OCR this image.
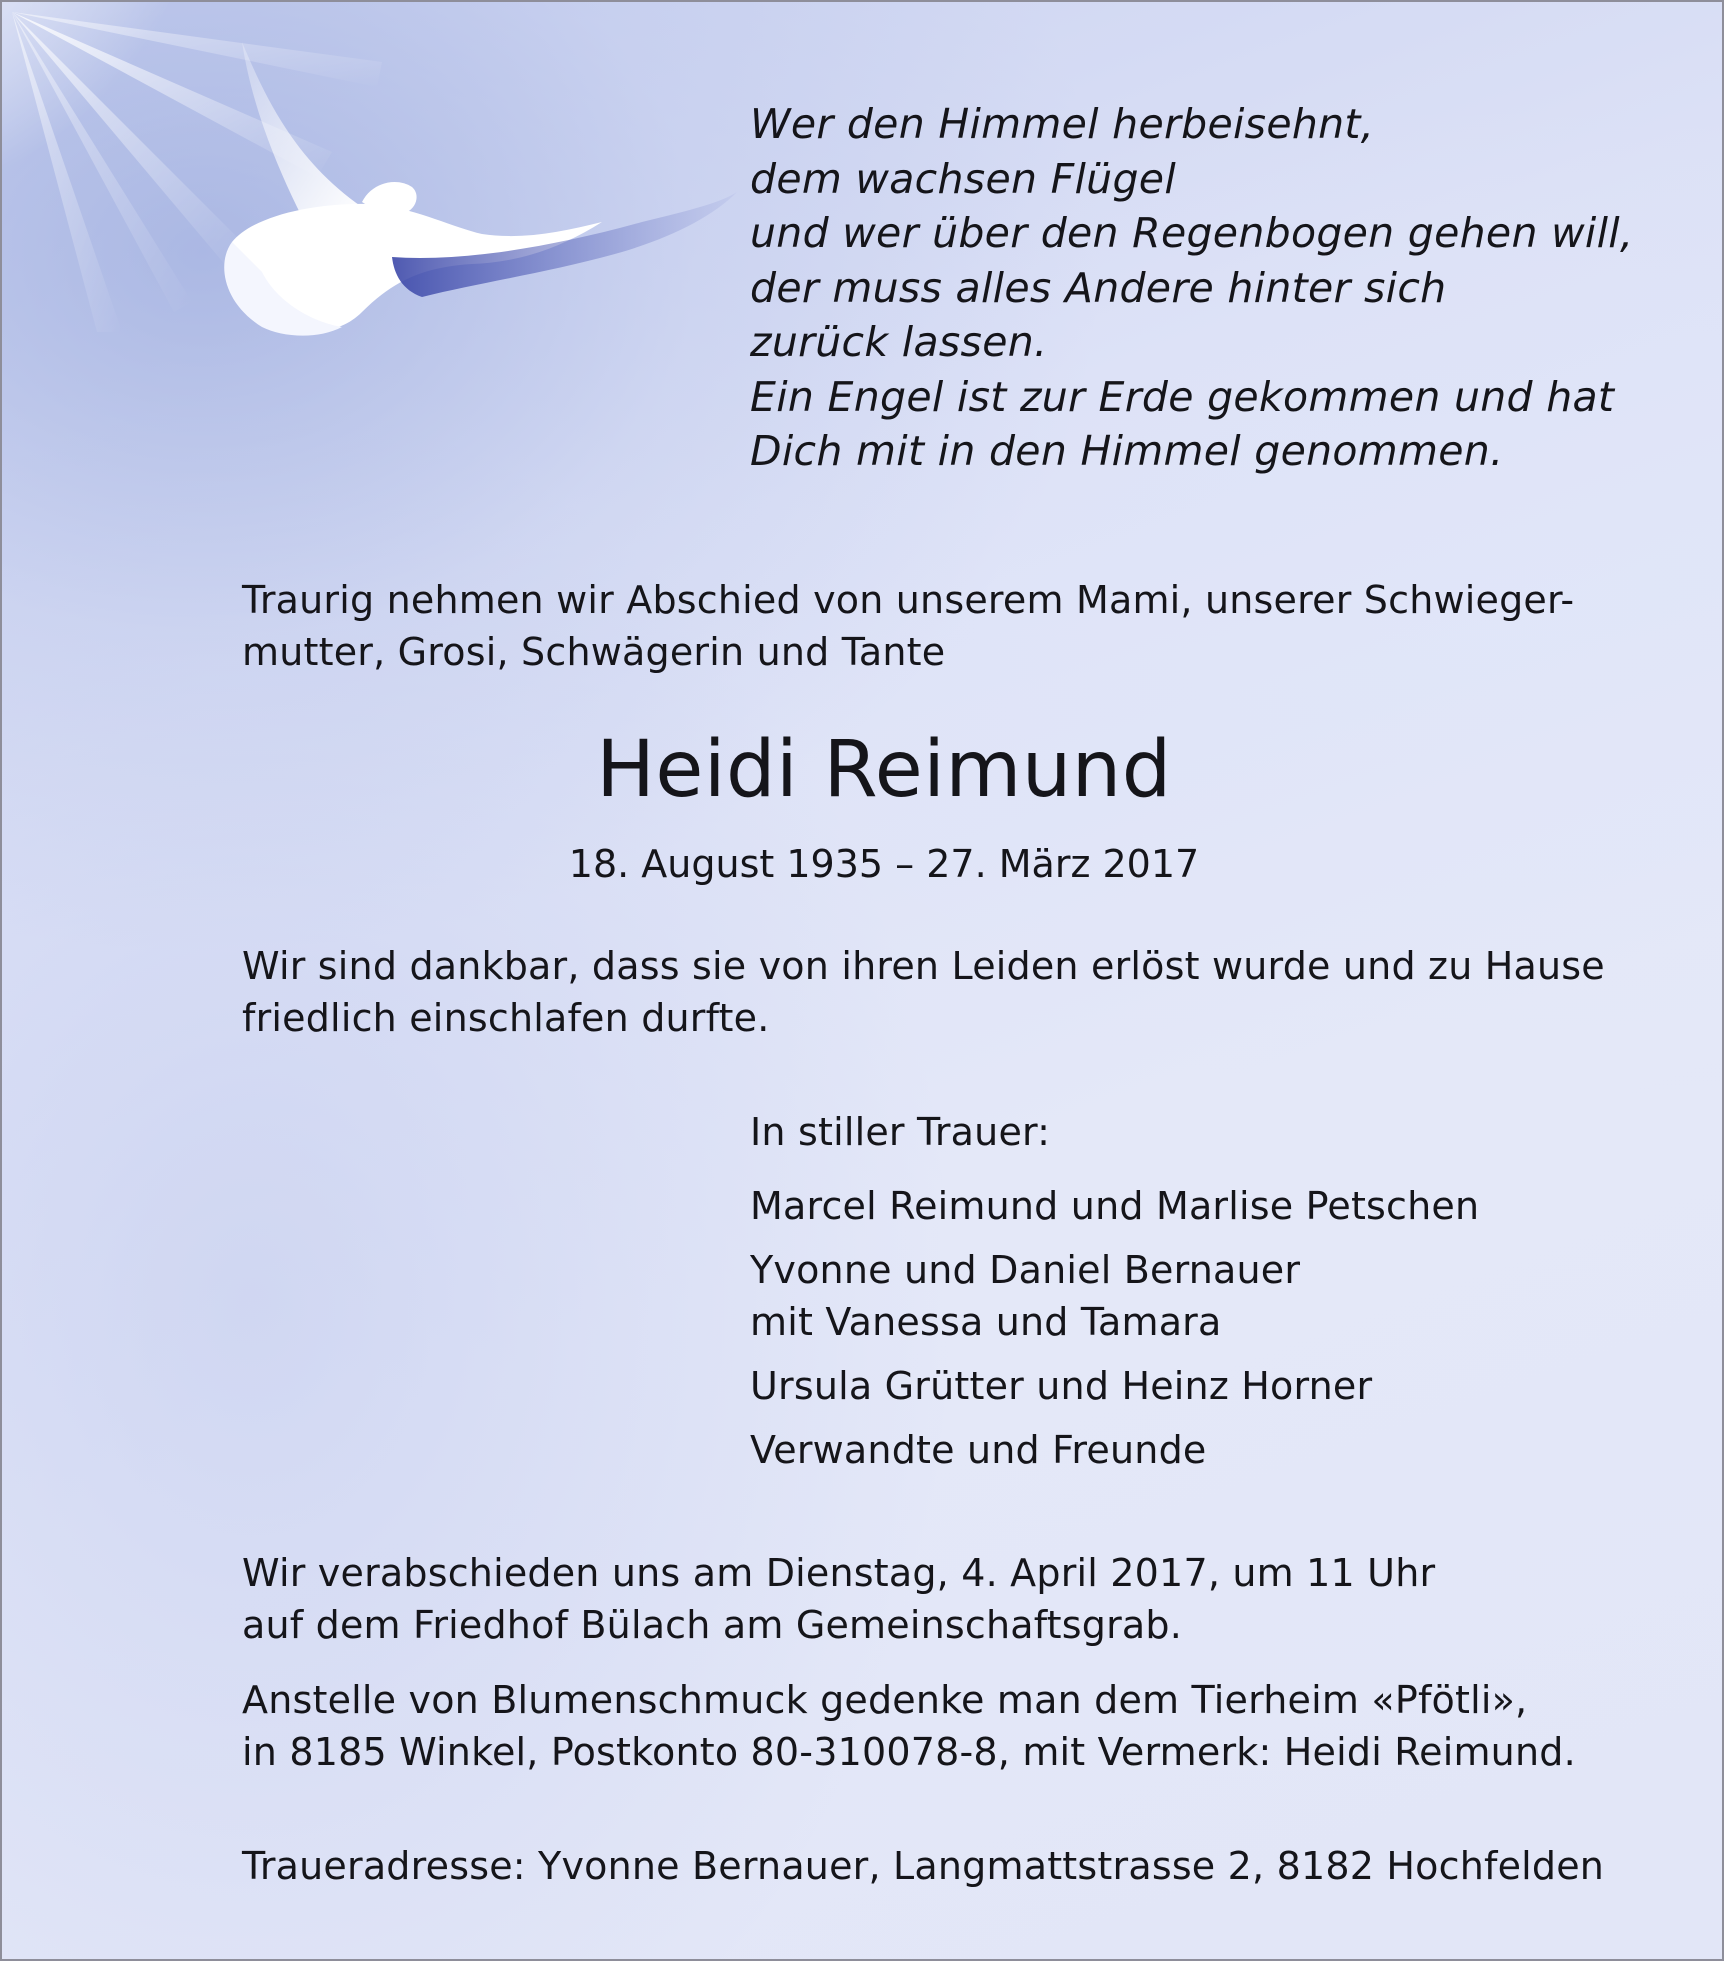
Wer den Himmel herbeisehnt,
dem wachsen Flügel
und wer über den Regenbogen gehen will,
der muss alles Andere hinter sich
zurück lassen.
Ein Engel ist zur Erde gekommen und hat
Dich mit in den Himmel genommen.
Traurig nehmen wir Abschied von unserem Mami, unserer Schwieger-
mutter, Grosi, Schwägerin und Tante
Heidi Reimund
18. August 1935 – 27. März 2017
Wir sind dankbar, dass sie von ihren Leiden erlöst wurde und zu Hause
friedlich einschlafen durfte.
In stiller Trauer:
Marcel Reimund und Marlise Petschen
Yvonne und Daniel Bernauer
mit Vanessa und Tamara
Ursula Grütter und Heinz Horner
Verwandte und Freunde
Wir verabschieden uns am Dienstag, 4. April 2017, um 11 Uhr
auf dem Friedhof Bülach am Gemeinschaftsgrab.
Anstelle von Blumenschmuck gedenke man dem Tierheim «Pfötli»,
in 8185 Winkel, Postkonto 80-310078-8, mit Vermerk: Heidi Reimund.
Traueradresse: Yvonne Bernauer, Langmattstrasse 2, 8182 Hochfelden
